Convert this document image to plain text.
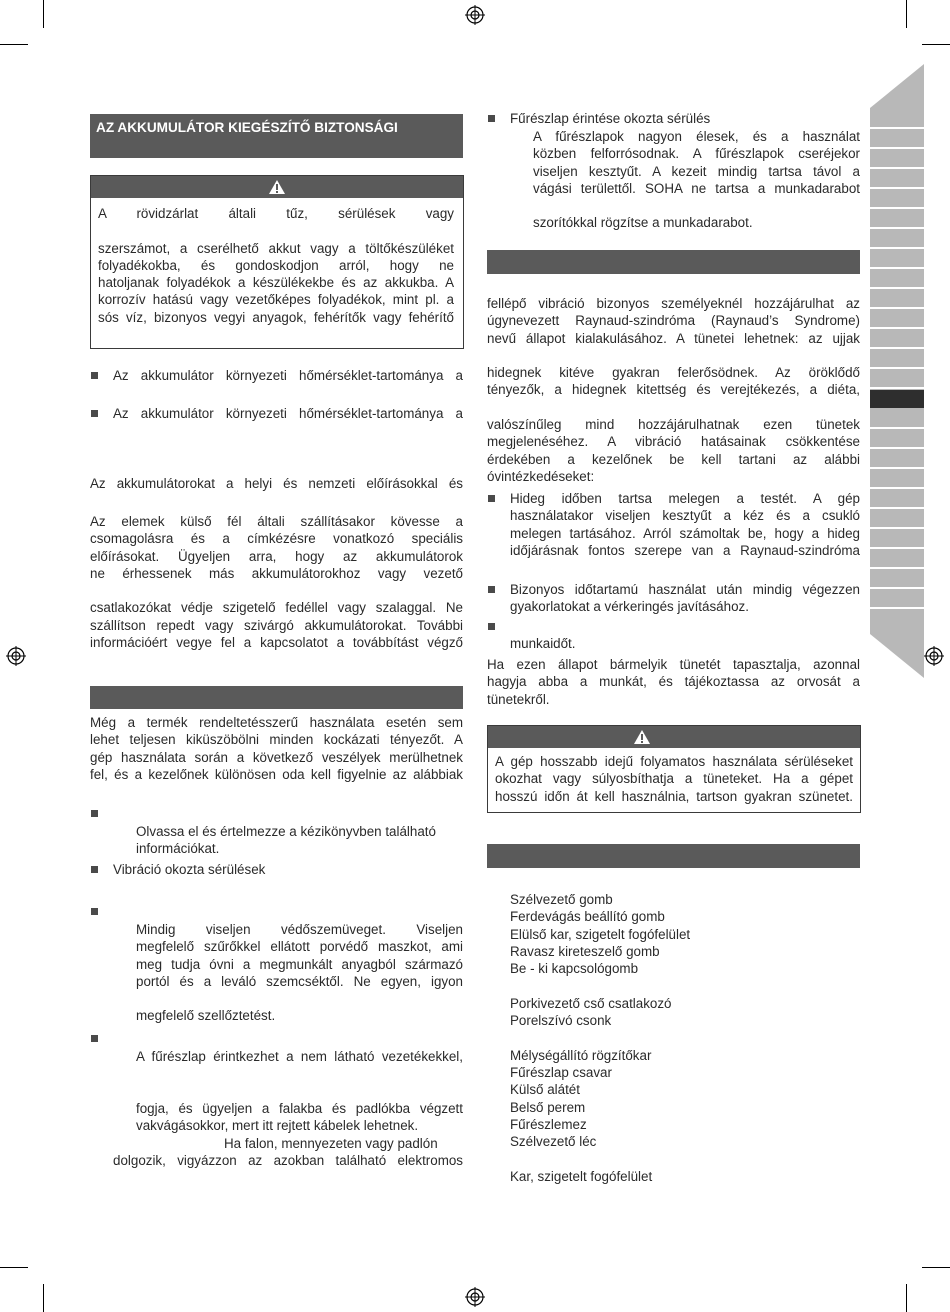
AZ AKKUMULÁTOR KIEGÉSZÍTŐ BIZTONSÁGI
A rövidzárlat általi tűz, sérülések vagy
szerszámot, a cserélhető akkut vagy a töltőkészüléket
folyadékokba, és gondoskodjon arról, hogy ne
hatoljanak folyadékok a készülékekbe és az akkukba. A
korrozív hatású vagy vezetőképes folyadékok, mint pl. a
sós víz, bizonyos vegyi anyagok, fehérítők vagy fehérítő
Az akkumulátor környezeti hőmérséklet-tartománya a
Az akkumulátor környezeti hőmérséklet-tartománya a
Az akkumulátorokat a helyi és nemzeti előírásokkal és
Az elemek külső fél általi szállításakor kövesse a
csomagolásra és a címkézésre vonatkozó speciális
előírásokat. Ügyeljen arra, hogy az akkumulátorok
ne érhessenek más akkumulátorokhoz vagy vezető
csatlakozókat védje szigetelő fedéllel vagy szalaggal. Ne
szállítson repedt vagy szivárgó akkumulátorokat. További
információért vegye fel a kapcsolatot a továbbítást végző
Még a termék rendeltetésszerű használata esetén sem
lehet teljesen kiküszöbölni minden kockázati tényezőt. A
gép használata során a következő veszélyek merülhetnek
fel, és a kezelőnek különösen oda kell figyelnie az alábbiak
Olvassa el és értelmezze a kézikönyvben található
információkat.
Vibráció okozta sérülések
Mindig viseljen védőszemüveget. Viseljen
megfelelő szűrőkkel ellátott porvédő maszkot, ami
meg tudja óvni a megmunkált anyagból származó
portól és a leváló szemcséktől. Ne egyen, igyon
megfelelő szellőztetést.
A fűrészlap érintkezhet a nem látható vezetékekkel,
fogja, és ügyeljen a falakba és padlókba végzett
vakvágásokkor, mert itt rejtett kábelek lehetnek.
Ha falon, mennyezeten vagy padlón
dolgozik, vigyázzon az azokban található elektromos
Fűrészlap érintése okozta sérülés
A fűrészlapok nagyon élesek, és a használat
közben felforrósodnak. A fűrészlapok cseréjekor
viseljen kesztyűt. A kezeit mindig tartsa távol a
vágási területtől. SOHA ne tartsa a munkadarabot
szorítókkal rögzítse a munkadarabot.
fellépő vibráció bizonyos személyeknél hozzájárulhat az
úgynevezett Raynaud-szindróma (Raynaud’s Syndrome)
nevű állapot kialakulásához. A tünetei lehetnek: az ujjak
hidegnek kitéve gyakran felerősödnek. Az öröklődő
tényezők, a hidegnek kitettség és verejtékezés, a diéta,
valószínűleg mind hozzájárulhatnak ezen tünetek
megjelenéséhez. A vibráció hatásainak csökkentése
érdekében a kezelőnek be kell tartani az alábbi
óvintézkedéseket:
Hideg időben tartsa melegen a testét. A gép
használatakor viseljen kesztyűt a kéz és a csukló
melegen tartásához. Arról számoltak be, hogy a hideg
időjárásnak fontos szerepe van a Raynaud-szindróma
Bizonyos időtartamú használat után mindig végezzen
gyakorlatokat a vérkeringés javításához.
munkaidőt.
Ha ezen állapot bármelyik tünetét tapasztalja, azonnal
hagyja abba a munkát, és tájékoztassa az orvosát a
tünetekről.
A gép hosszabb idejű folyamatos használata sérüléseket
okozhat vagy súlyosbíthatja a tüneteket. Ha a gépet
hosszú időn át kell használnia, tartson gyakran szünetet.
Szélvezető gomb
Ferdevágás beállító gomb
Elülső kar, szigetelt fogófelület
Ravasz kireteszelő gomb
Be - ki kapcsológomb
Porkivezető cső csatlakozó
Porelszívó csonk
Mélységállító rögzítőkar
Fűrészlap csavar
Külső alátét
Belső perem
Fűrészlemez
Szélvezető léc
Kar, szigetelt fogófelület
